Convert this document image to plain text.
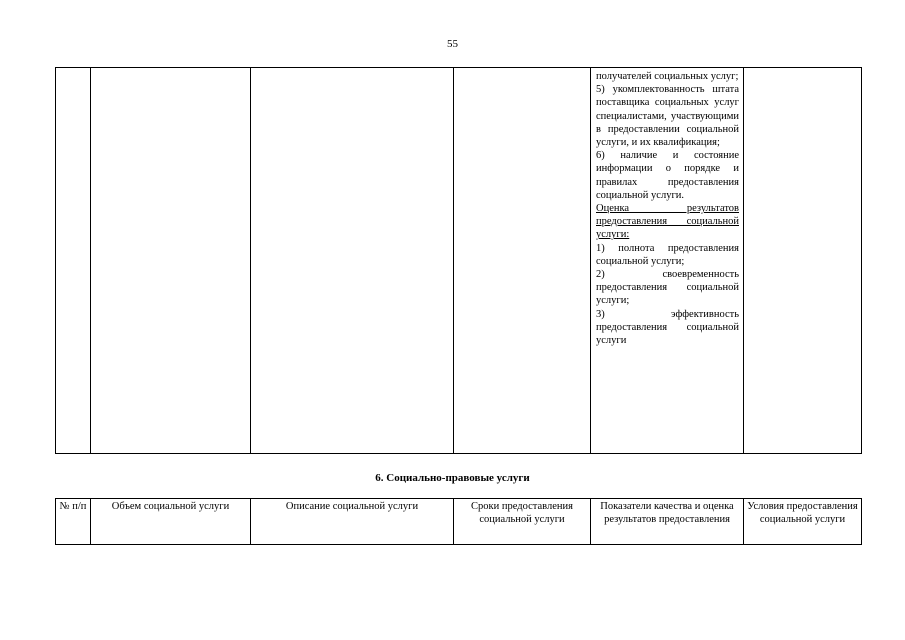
55

получателей социальных услуг;

5) укомплектованность штата поставщика социальных услуг специалистами, участвующими в предоставлении социальной услуги, и их квалификация;

6) наличие и состояние информации о порядке и правилах предоставления социальной услуги.

Оценка результатов предоставления социальной услуги:

1) полнота предоставления социальной услуги;

2) своевременность предоставления социальной услуги;

3) эффективность предоставления социальной услуги

6. Социально-правовые услуги
№ п/п	Объем социальной услуги	Описание социальной услуги	Сроки предоставления социальной услуги	Показатели качества и оценка результатов предоставления	Условия предоставления социальной услуги
